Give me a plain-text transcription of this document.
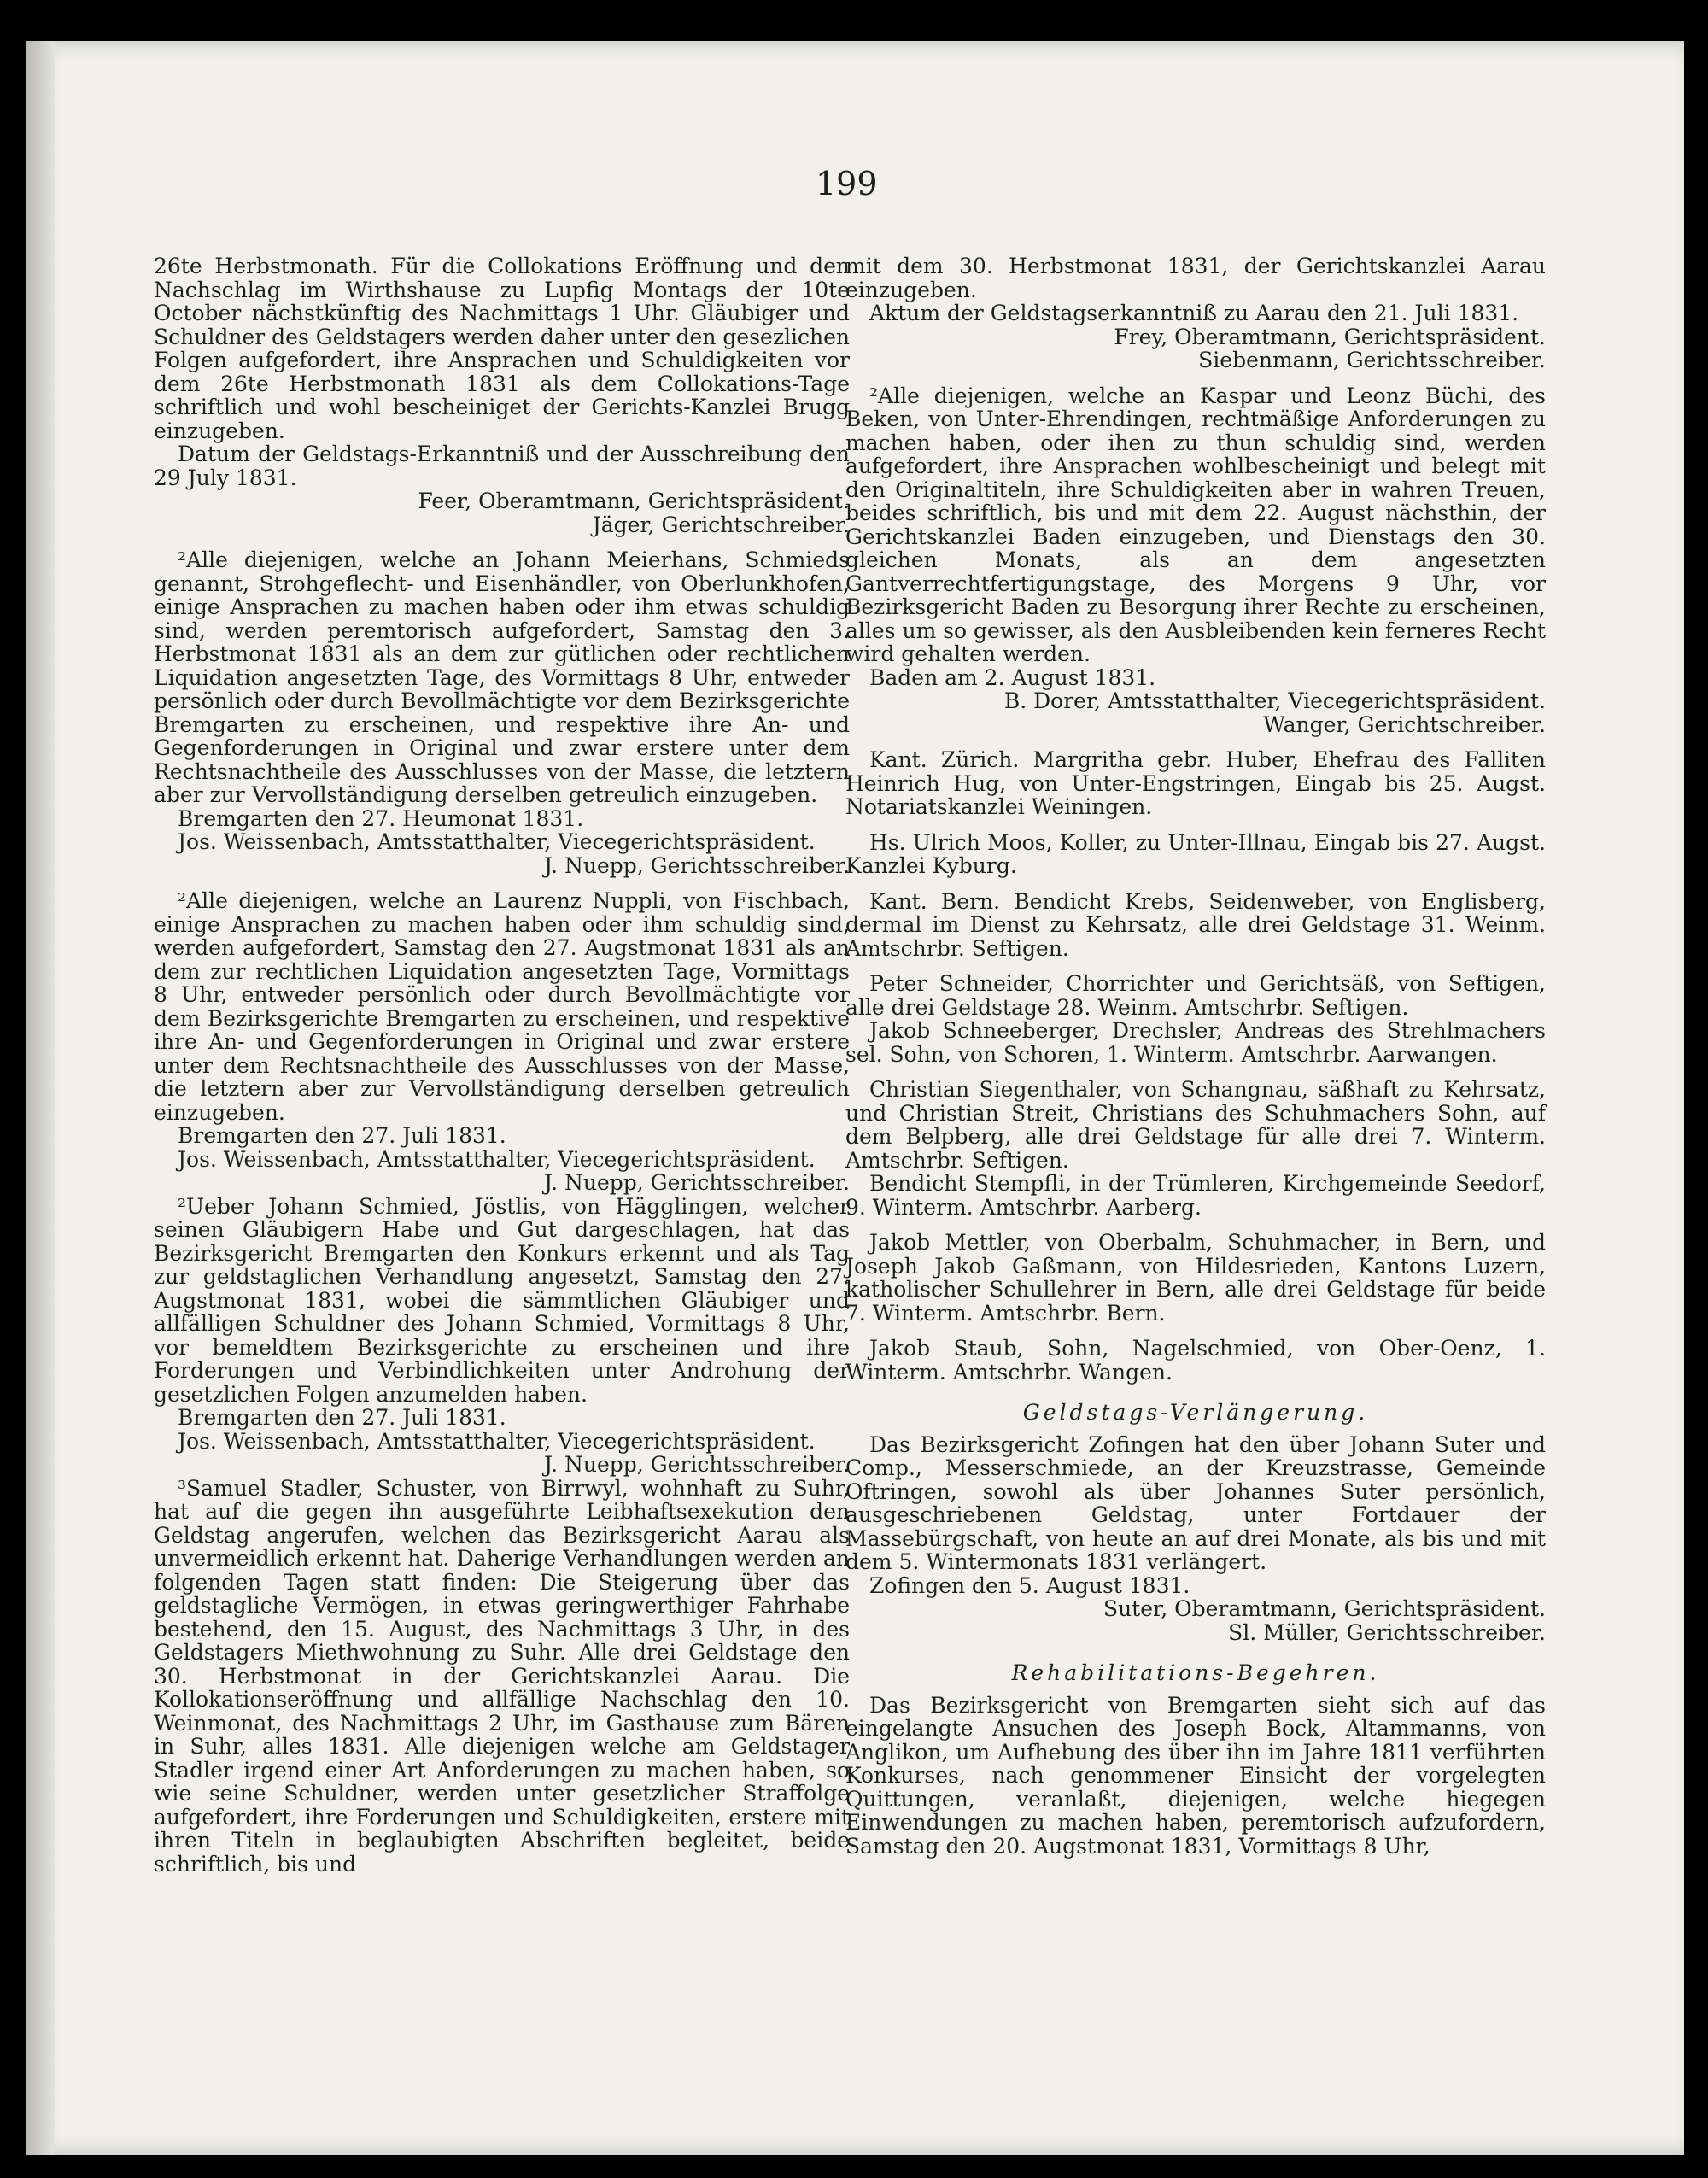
199

26te Herbstmonath. Für die Collokations Eröffnung und den Nachschlag im Wirthshause zu Lupfig Montags der 10te October nächstkünftig des Nachmittags 1 Uhr. Gläubiger und Schuldner des Geldstagers werden daher unter den gesezlichen Folgen aufgefordert, ihre Ansprachen und Schuldigkeiten vor dem 26te Herbstmonath 1831 als dem Collokations-Tage schriftlich und wohl bescheiniget der Gerichts-Kanzlei Brugg einzugeben.

Datum der Geldstags-Erkanntniß und der Ausschreibung den 29 July 1831.

Feer, Oberamtmann, Gerichtspräsident.

Jäger, Gerichtschreiber.

²Alle diejenigen, welche an Johann Meierhans, Schmieds genannt, Strohgeflecht- und Eisenhändler, von Oberlunkhofen, einige Ansprachen zu machen haben oder ihm etwas schuldig sind, werden peremtorisch aufgefordert, Samstag den 3. Herbstmonat 1831 als an dem zur gütlichen oder rechtlichen Liquidation angesetzten Tage, des Vormittags 8 Uhr, entweder persönlich oder durch Bevollmächtigte vor dem Bezirksgerichte Bremgarten zu erscheinen, und respektive ihre An- und Gegenforderungen in Original und zwar erstere unter dem Rechtsnachtheile des Ausschlusses von der Masse, die letztern aber zur Vervollständigung derselben getreulich einzugeben.

Bremgarten den 27. Heumonat 1831.

Jos. Weissenbach, Amtsstatthalter, Viecegerichtspräsident.

J. Nuepp, Gerichtsschreiber.

²Alle diejenigen, welche an Laurenz Nuppli, von Fischbach, einige Ansprachen zu machen haben oder ihm schuldig sind, werden aufgefordert, Samstag den 27. Augstmonat 1831 als an dem zur rechtlichen Liquidation angesetzten Tage, Vormittags 8 Uhr, entweder persönlich oder durch Bevollmächtigte vor dem Bezirksgerichte Bremgarten zu erscheinen, und respektive ihre An- und Gegenforderungen in Original und zwar erstere unter dem Rechtsnachtheile des Ausschlusses von der Masse, die letztern aber zur Vervollständigung derselben getreulich einzugeben.

Bremgarten den 27. Juli 1831.

Jos. Weissenbach, Amtsstatthalter, Viecegerichtspräsident.

J. Nuepp, Gerichtsschreiber.

²Ueber Johann Schmied, Jöstlis, von Hägglingen, welcher seinen Gläubigern Habe und Gut dargeschlagen, hat das Bezirksgericht Bremgarten den Konkurs erkennt und als Tag zur geldstaglichen Verhandlung angesetzt, Samstag den 27. Augstmonat 1831, wobei die sämmtlichen Gläubiger und allfälligen Schuldner des Johann Schmied, Vormittags 8 Uhr, vor bemeldtem Bezirksgerichte zu erscheinen und ihre Forderungen und Verbindlichkeiten unter Androhung der gesetzlichen Folgen anzumelden haben.

Bremgarten den 27. Juli 1831.

Jos. Weissenbach, Amtsstatthalter, Viecegerichtspräsident.

J. Nuepp, Gerichtsschreiber.

³Samuel Stadler, Schuster, von Birrwyl, wohnhaft zu Suhr, hat auf die gegen ihn ausgeführte Leibhaftsexekution den Geldstag angerufen, welchen das Bezirksgericht Aarau als unvermeidlich erkennt hat. Daherige Verhandlungen werden an folgenden Tagen statt finden: Die Steigerung über das geldstagliche Vermögen, in etwas geringwerthiger Fahrhabe bestehend, den 15. August, des Nachmittags 3 Uhr, in des Geldstagers Miethwohnung zu Suhr. Alle drei Geldstage den 30. Herbstmonat in der Gerichtskanzlei Aarau. Die Kollokationseröffnung und allfällige Nachschlag den 10. Weinmonat, des Nachmittags 2 Uhr, im Gasthause zum Bären in Suhr, alles 1831. Alle diejenigen welche am Geldstager Stadler irgend einer Art Anforderungen zu machen haben, so wie seine Schuldner, werden unter gesetzlicher Straffolge aufgefordert, ihre Forderungen und Schuldigkeiten, erstere mit ihren Titeln in beglaubigten Abschriften begleitet, beide schriftlich, bis und

mit dem 30. Herbstmonat 1831, der Gerichtskanzlei Aarau einzugeben.

Aktum der Geldstagserkanntniß zu Aarau den 21. Juli 1831.

Frey, Oberamtmann, Gerichtspräsident.

Siebenmann, Gerichtsschreiber.

²Alle diejenigen, welche an Kaspar und Leonz Büchi, des Beken, von Unter-Ehrendingen, rechtmäßige Anforderungen zu machen haben, oder ihen zu thun schuldig sind, werden aufgefordert, ihre Ansprachen wohlbescheinigt und belegt mit den Originaltiteln, ihre Schuldigkeiten aber in wahren Treuen, beides schriftlich, bis und mit dem 22. August nächsthin, der Gerichtskanzlei Baden einzugeben, und Dienstags den 30. gleichen Monats, als an dem angesetzten Gantverrechtfertigungstage, des Morgens 9 Uhr, vor Bezirksgericht Baden zu Besorgung ihrer Rechte zu erscheinen, alles um so gewisser, als den Ausbleibenden kein ferneres Recht wird gehalten werden.

Baden am 2. August 1831.

B. Dorer, Amtsstatthalter, Viecegerichtspräsident.

Wanger, Gerichtschreiber.

Kant. Zürich. Margritha gebr. Huber, Ehefrau des Falliten Heinrich Hug, von Unter-Engstringen, Eingab bis 25. Augst. Notariatskanzlei Weiningen.

Hs. Ulrich Moos, Koller, zu Unter-Illnau, Eingab bis 27. Augst. Kanzlei Kyburg.

Kant. Bern. Bendicht Krebs, Seidenweber, von Englisberg, dermal im Dienst zu Kehrsatz, alle drei Geldstage 31. Weinm. Amtschrbr. Seftigen.

Peter Schneider, Chorrichter und Gerichtsäß, von Seftigen, alle drei Geldstage 28. Weinm. Amtschrbr. Seftigen.

Jakob Schneeberger, Drechsler, Andreas des Strehlmachers sel. Sohn, von Schoren, 1. Winterm. Amtschrbr. Aarwangen.

Christian Siegenthaler, von Schangnau, säßhaft zu Kehrsatz, und Christian Streit, Christians des Schuhmachers Sohn, auf dem Belpberg, alle drei Geldstage für alle drei 7. Winterm. Amtschrbr. Seftigen.

Bendicht Stempfli, in der Trümleren, Kirchgemeinde Seedorf, 9. Winterm. Amtschrbr. Aarberg.

Jakob Mettler, von Oberbalm, Schuhmacher, in Bern, und Joseph Jakob Gaßmann, von Hildesrieden, Kantons Luzern, katholischer Schullehrer in Bern, alle drei Geldstage für beide 7. Winterm. Amtschrbr. Bern.

Jakob Staub, Sohn, Nagelschmied, von Ober-Oenz, 1. Winterm. Amtschrbr. Wangen.

Geldstags-Verlängerung.

Das Bezirksgericht Zofingen hat den über Johann Suter und Comp., Messerschmiede, an der Kreuzstrasse, Gemeinde Oftringen, sowohl als über Johannes Suter persönlich, ausgeschriebenen Geldstag, unter Fortdauer der Massebürgschaft, von heute an auf drei Monate, als bis und mit dem 5. Wintermonats 1831 verlängert.

Zofingen den 5. August 1831.

Suter, Oberamtmann, Gerichtspräsident.

Sl. Müller, Gerichtsschreiber.

Rehabilitations-Begehren.

Das Bezirksgericht von Bremgarten sieht sich auf das eingelangte Ansuchen des Joseph Bock, Altammanns, von Anglikon, um Aufhebung des über ihn im Jahre 1811 verführten Konkurses, nach genommener Einsicht der vorgelegten Quittungen, veranlaßt, diejenigen, welche hiegegen Einwendungen zu machen haben, peremtorisch aufzufordern, Samstag den 20. Augstmonat 1831, Vormittags 8 Uhr,
